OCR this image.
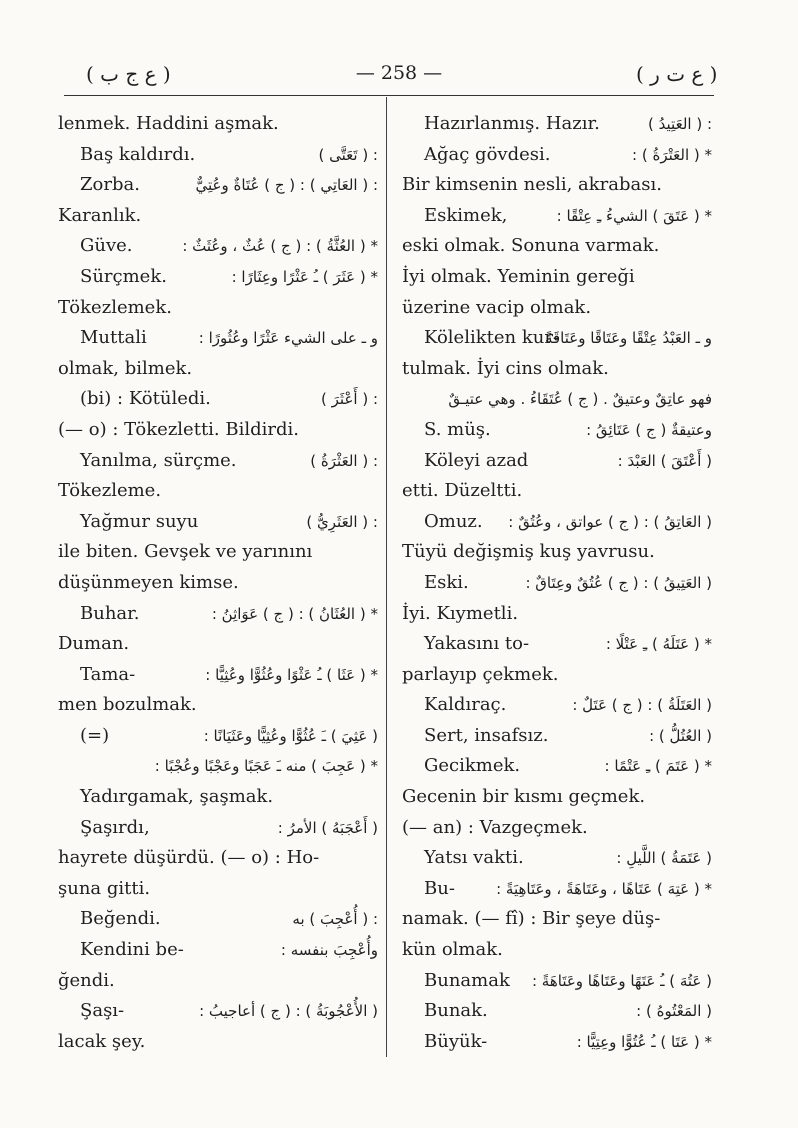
( ع ج ب )	— 258 —	( ع ت ر )
lenmek. Haddini aşmak.
Baş kaldırdı.	: ( تَعَتَّى )
Zorba.	: ( العَاتِي ) : ( ج ) عُتَاةٌ وعُتِيٌّ
Karanlık.
Güve.	* ( العُثَّةُ ) : ( ج ) عُثٌ ، وعُثَثٌ :
Sürçmek.	* ( عَثَرَ ) ـُ عَثْرًا وعِثَارًا :
Tökezlemek.
Muttali	و ـ على الشيء عَثْرًا وعُثُورًا :
olmak, bilmek.
(bi) : Kötüledi.	: ( أَعْثَرَ )
(— o) : Tökezletti. Bildirdi.
Yanılma, sürçme.	: ( العَثْرَةُ )
Tökezleme.
Yağmur suyu	: ( العَثَرِيُّ )
ile biten. Gevşek ve yarınını
düşünmeyen kimse.
Buhar.	* ( العُثَانُ ) : ( ج ) عَوَاثِنُ :
Duman.
Tama-	* ( عَثَا ) ـُ عَثْوًا وعُثُوًّا وعُثِيًّا :
men bozulmak.
(=)	( عَثِيَ ) ـَ عُثُوًّا وعُثِيًّا وعَثَيَانًا :
* ( عَجِبَ ) منه ـَ عَجَبًا وعَجْبًا وعُجْبًا :
Yadırgamak, şaşmak.
Şaşırdı,	( أَعْجَبَهُ ) الأمرُ :
hayrete düşürdü. (— o) : Ho-
şuna gitti.
Beğendi.	: ( أُعْجِبَ ) به
Kendini be-	وأُعْجِبَ بنفسه :
ğendi.
Şaşı-	( الأُعْجُوبَةُ ) : ( ج ) أعاجيبُ :
lacak şey.
Hazırlanmış. Hazır.	: ( العَتِيدُ )
Ağaç gövdesi.	* ( العَتْرَةُ ) :
Bir kimsenin nesli, akrabası.
Eskimek,	* ( عَتَقَ ) الشيءُ ـِ عِتْقًا :
eski olmak. Sonuna varmak.
İyi olmak. Yeminin gereği
üzerine vacip olmak.
Kölelikten kur-
و ـ العَبْدُ عِتْقًا وعَتَاقًا وعَتَاقَةً
tulmak. İyi cins olmak.
فهو عاتِقٌ وعتيقٌ . ( ج ) عُتَقَاءُ . وهي عتيـقٌ
S. müş.	وعتيقةٌ ( ج ) عَتَائِقُ :
Köleyi azad	( أَعْتَقَ ) العَبْدَ :
etti. Düzeltti.
Omuz. ( العَاتِقُ ) : ( ج ) عواتق ، وعُتُقٌ :
Tüyü değişmiş kuş yavrusu.
Eski.	( العَتِيقُ ) : ( ج ) عُتُقٌ وعِتَاقٌ :
İyi. Kıymetli.
Yakasını to-	* ( عَتَلَهُ ) ـِ عَتْلًا :
parlayıp çekmek.
Kaldıraç.	( العَتَلَةُ ) : ( ج ) عَتَلٌ :
Sert, insafsız.	( العُتُلُّ ) :
Gecikmek.	* ( عَتَمَ ) ـِ عَتْمًا :
Gecenin bir kısmı geçmek.
(— an) : Vazgeçmek.
Yatsı vakti.	( عَتَمَةُ ) اللَّيلِ :
Bu-	* ( عَتِهَ ) عَتَاهًا ، وعَتَاهَةً ، وعَتَاهِيَةً :
namak. (— fî) : Bir şeye düş-
kün olmak.
Bunamak ( عَتُهَ ) ـُ عَتَهًا وعَتَاهًا وعَتَاهَةً :
Bunak.	( المَعْتُوهُ ) :
Büyük-	* ( عَتَا ) ـُ عُتُوًّا وعِتِيًّا :
